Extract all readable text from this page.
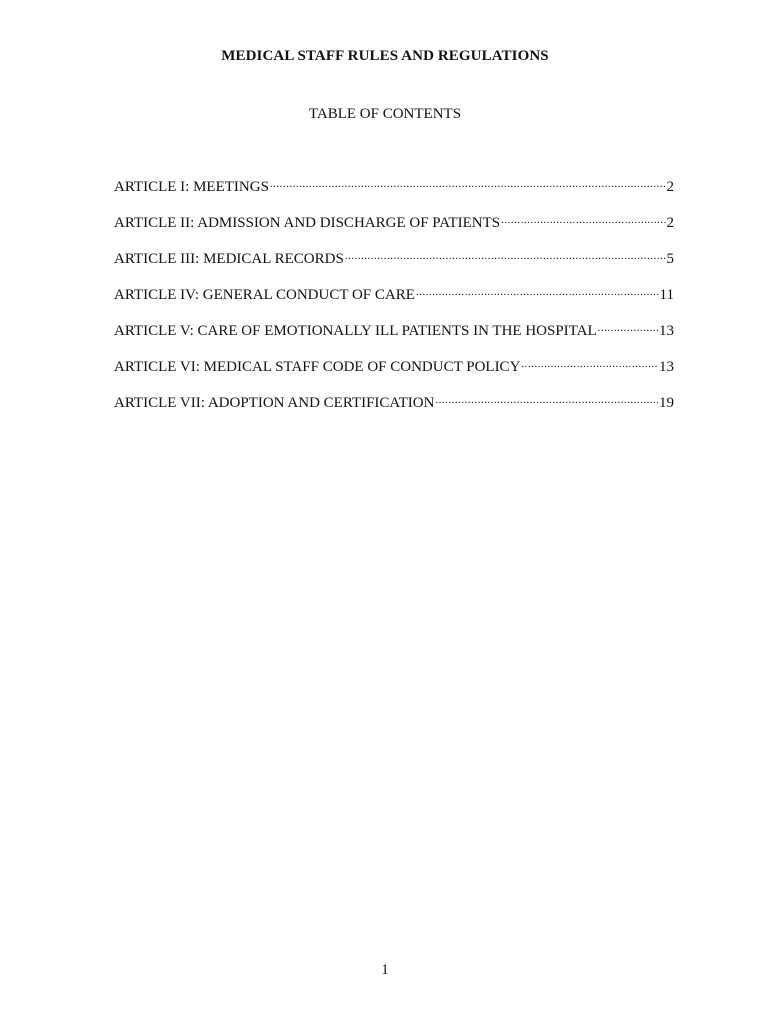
MEDICAL STAFF RULES AND REGULATIONS
TABLE OF CONTENTS
ARTICLE I: MEETINGS .....	2
ARTICLE II: ADMISSION AND DISCHARGE OF PATIENTS .....	2
ARTICLE III: MEDICAL RECORDS .....	5
ARTICLE IV: GENERAL CONDUCT OF CARE .....	11
ARTICLE V: CARE OF EMOTIONALLY ILL PATIENTS IN THE HOSPITAL .....	13
ARTICLE VI: MEDICAL STAFF CODE OF CONDUCT POLICY .....	13
ARTICLE VII: ADOPTION AND CERTIFICATION .....	19
1
